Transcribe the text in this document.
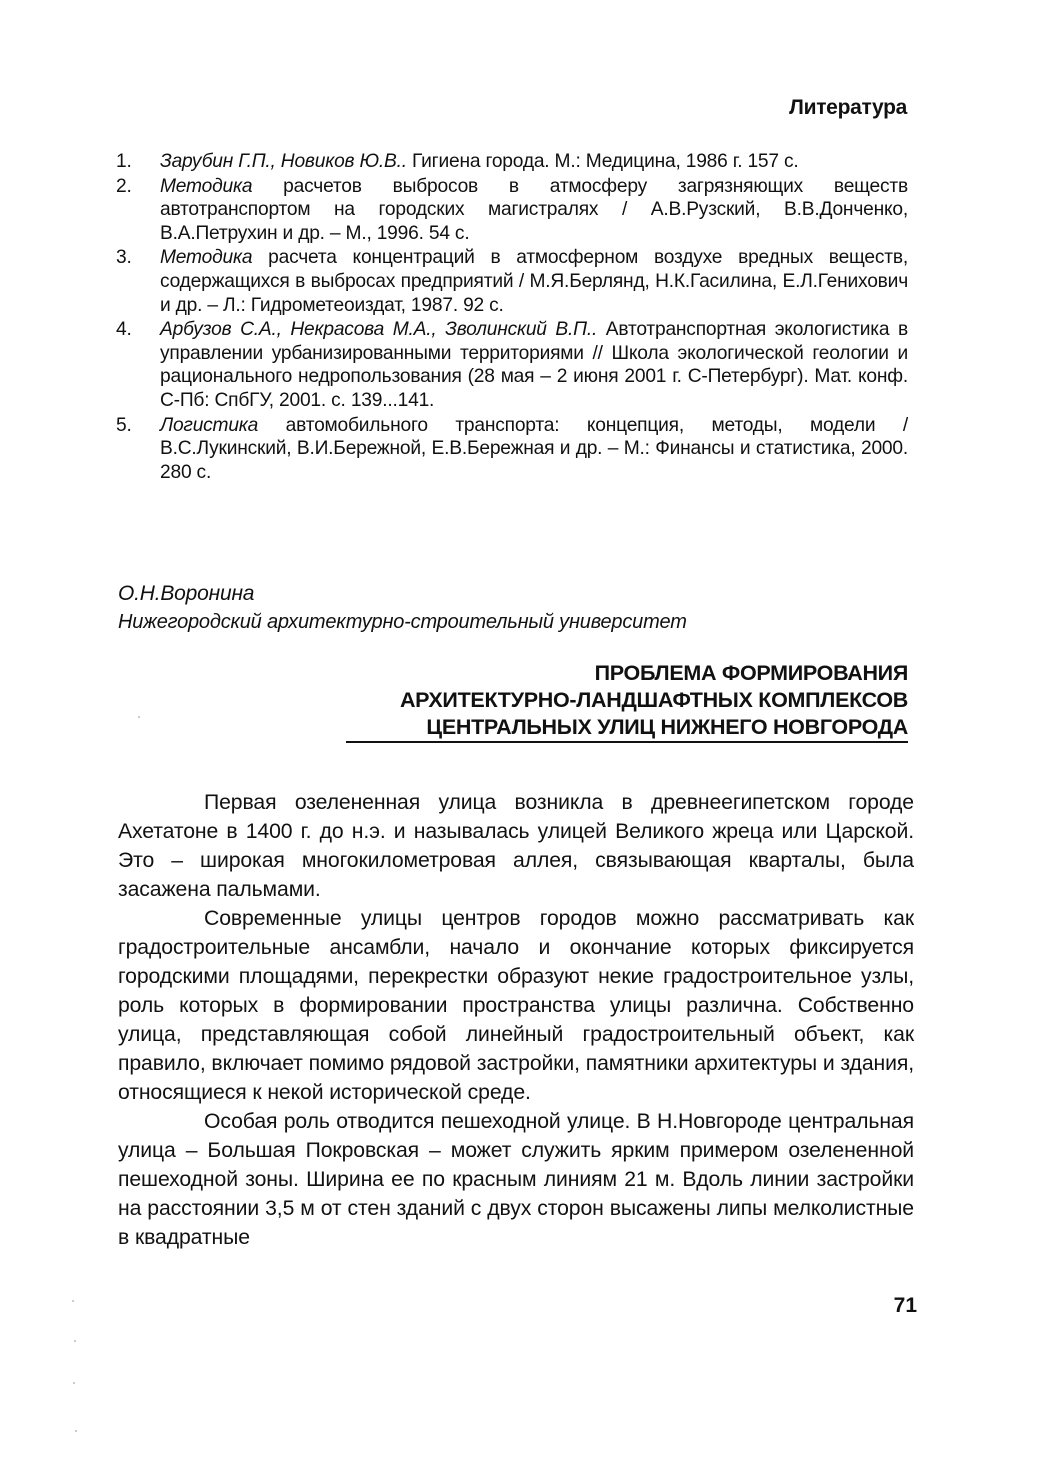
Литература
1.	Зарубин Г.П., Новиков Ю.В.. Гигиена города. М.: Медицина, 1986 г. 157 с.
2.	Методика расчетов выбросов в атмосферу загрязняющих веществ автотранспортом на городских магистралях / А.В.Рузский, В.В.Донченко, В.А.Петрухин и др. – М., 1996. 54 с.
3.	Методика расчета концентраций в атмосферном воздухе вредных веществ, содержащихся в выбросах предприятий / М.Я.Берлянд, Н.К.Гасилина, Е.Л.Генихович и др. – Л.: Гидрометеоиздат, 1987. 92 с.
4.	Арбузов С.А., Некрасова М.А., Зволинский В.П.. Автотранспортная экологистика в управлении урбанизированными территориями // Школа экологической геологии и рационального недропользования (28 мая – 2 июня 2001 г. С-Петербург). Мат. конф. С-Пб: СпбГУ, 2001. с. 139...141.
5.	Логистика автомобильного транспорта: концепция, методы, модели / В.С.Лукинский, В.И.Бережной, Е.В.Бережная и др. – М.: Финансы и статистика, 2000. 280 с.
О.Н.Воронина
Нижегородский архитектурно-строительный университет
ПРОБЛЕМА ФОРМИРОВАНИЯ
АРХИТЕКТУРНО-ЛАНДШАФТНЫХ КОМПЛЕКСОВ
ЦЕНТРАЛЬНЫХ УЛИЦ НИЖНЕГО НОВГОРОДА

Первая озелененная улица возникла в древнеегипетском городе Ахетатоне в 1400 г. до н.э. и называлась улицей Великого жреца или Царской. Это – широкая многокилометровая аллея, связывающая кварталы, была засажена пальмами.

Современные улицы центров городов можно рассматривать как градостроительные ансамбли, начало и окончание которых фиксируется городскими площадями, перекрестки образуют некие градостроительное узлы, роль которых в формировании пространства улицы различна. Собственно улица, представляющая собой линейный градостроительный объект, как правило, включает помимо рядовой застройки, памятники архитектуры и здания, относящиеся к некой исторической среде.

Особая роль отводится пешеходной улице. В Н.Новгороде центральная улица – Большая Покровская – может служить ярким примером озелененной пешеходной зоны. Ширина ее по красным линиям 21 м. Вдоль линии застройки на расстоянии 3,5 м от стен зданий с двух сторон высажены липы мелколистные в квадратные

71
